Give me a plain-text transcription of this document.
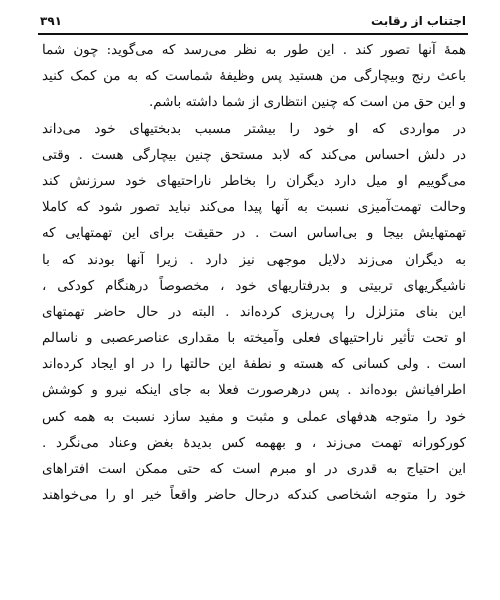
۳۹۱	اجتناب از رقابت
همهٔ آنها تصور کند . این طور به نظر می‌رسد که می‌گوید: چون شما
باعث رنج وبیچارگی من هستید پس وظیفهٔ شماست که به من کمک کنید
و این حق من است که چنین انتظاری از شما داشته باشم.
در مواردی که او خود را بیشتر مسبب بدبختیهای خود می‌داند
در دلش احساس می‌کند که لابد مستحق چنین بیچارگی هست . وقتی
می‌گوییم او میل دارد دیگران را بخاطر ناراحتیهای خود سرزنش کند
وحالت تهمت‌آمیزی نسبت به آنها پیدا می‌کند نباید تصور شود که کاملا
تهمتهایش بیجا و بی‌اساس است . در حقیقت برای این تهمتهایی که
به دیگران می‌زند دلایل موجهی نیز دارد . زیرا آنها بودند که با
ناشیگریهای تربیتی و بدرفتاریهای خود ، مخصوصاً درهنگام کودکی ،
این بنای متزلزل را پی‌ریزی کرده‌اند . البته در حال حاضر تهمتهای
او تحت تأثیر ناراحتیهای فعلی وآمیخته با مقداری عناصرعصبی و ناسالم
است . ولی کسانی که هسته و نطفهٔ این حالتها را در او ایجاد کرده‌اند
اطرافیانش بوده‌اند . پس درهرصورت فعلا به جای اینکه نیرو و کوشش
خود را متوجه هدفهای عملی و مثبت و مفید سازد نسبت به همه کس
کورکورانه تهمت می‌زند ، و بههمه کس بدیدهٔ بغض وعناد می‌نگرد .
این احتیاج به قدری در او مبرم است که حتی ممکن است افتراهای
خود را متوجه اشخاصی کندکه درحال حاضر واقعاً خیر او را می‌خواهند
